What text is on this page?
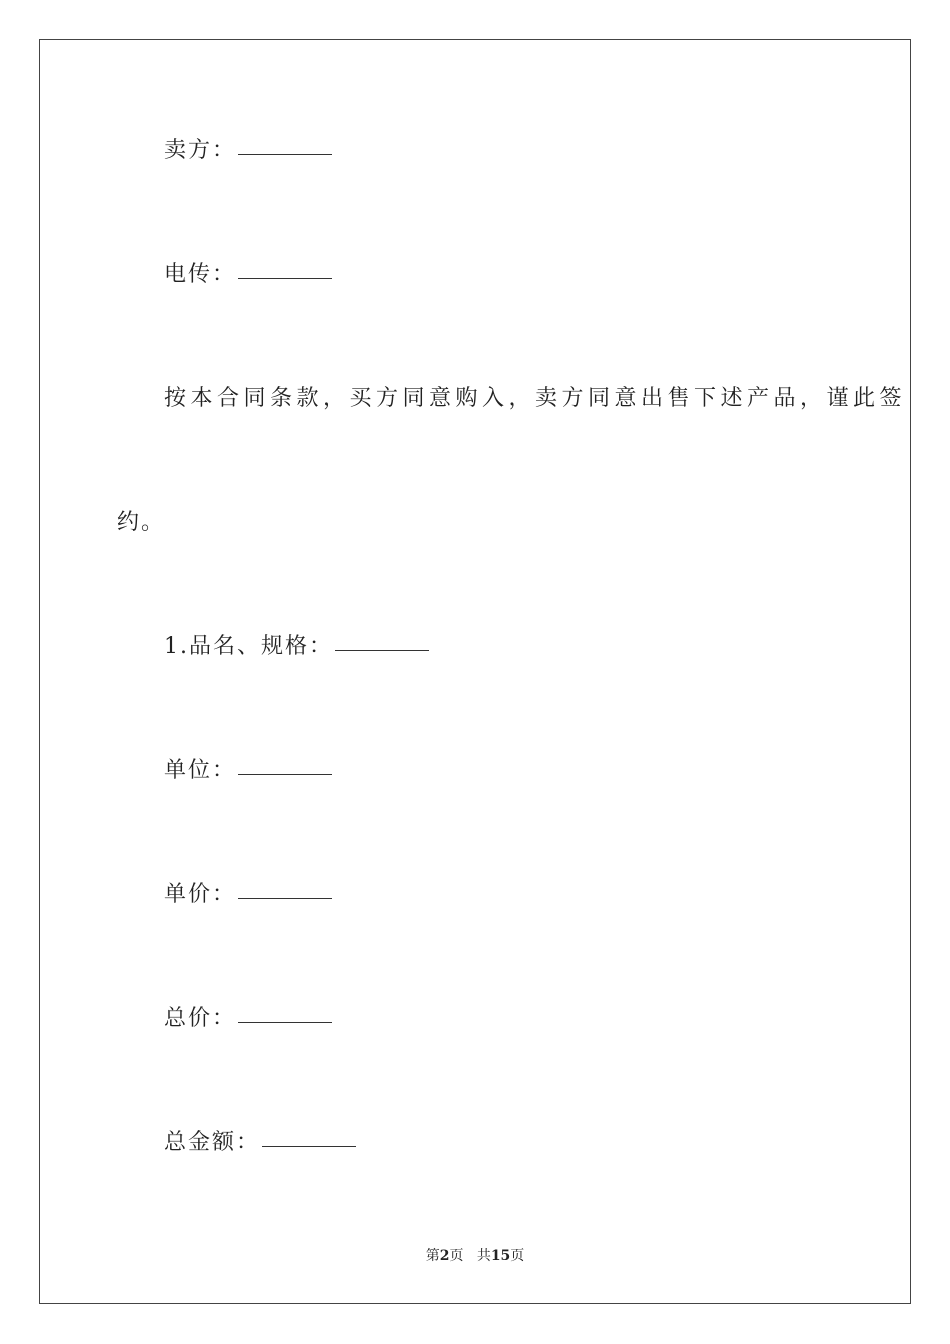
卖方：
电传：
按本合同条款，买方同意购入，卖方同意出售下述产品，谨此签
约。
1.品名、规格：
单位：
单价：
总价：
总金额：
第2页 共15页
